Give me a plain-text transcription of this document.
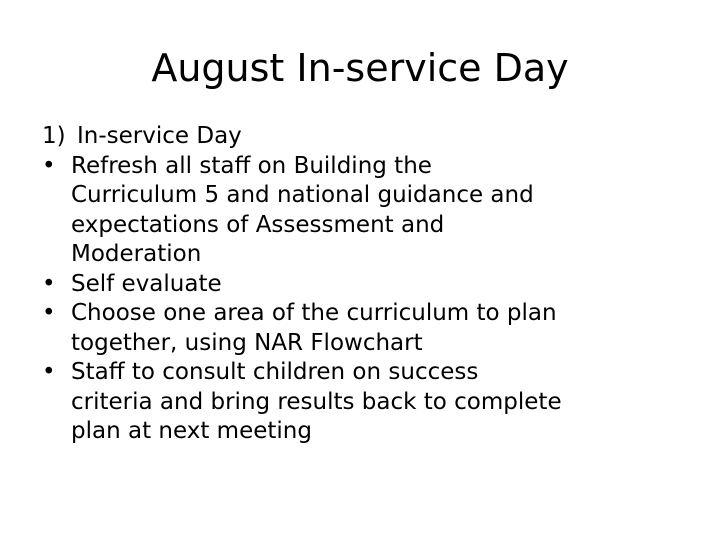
August In-service Day
1) In-service Day
• Refresh all staff on Building the
Curriculum 5 and national guidance and
expectations of Assessment and
Moderation
• Self evaluate
• Choose one area of the curriculum to plan
together, using NAR Flowchart
• Staff to consult children on success
criteria and bring results back to complete
plan at next meeting
